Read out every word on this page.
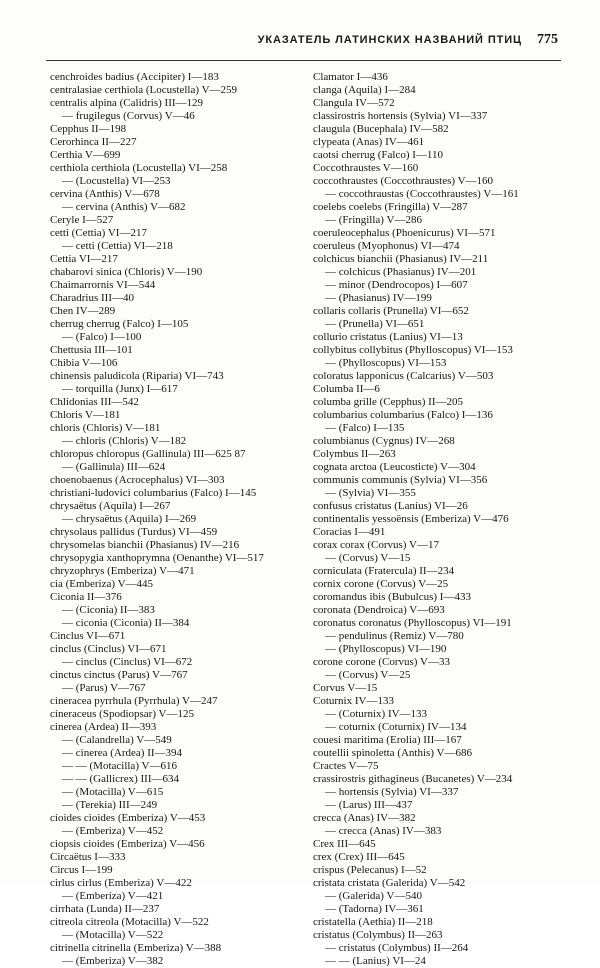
УКАЗАТЕЛЬ ЛАТИНСКИХ НАЗВАНИЙ ПТИЦ 775
cenchroides badius (Accipiter) I—183
centralasiae certhiola (Locustella) V—259
centralis alpina (Calidris) III—129
— frugilegus (Corvus) V—46
Cepphus II—198
Cerorhinca II—227
Certhia V—699
certhiola certhiola (Locustella) VI—258
— (Locustella) VI—253
cervina (Anthis) V—678
— cervina (Anthis) V—682
Ceryle I—527
cetti (Cettia) VI—217
— cetti (Cettia) VI—218
Cettia VI—217
chabarovi sinica (Chloris) V—190
Chaimarrornis VI—544
Charadrius III—40
Chen IV—289
cherrug cherrug (Falco) I—105
— (Falco) I—100
Chettusia III—101
Chibia V—106
chinensis paludicola (Riparia) VI—743
— torquilla (Junx) I—617
Chlidonias III—542
Chloris V—181
chloris (Chloris) V—181
— chloris (Chloris) V—182
chloropus chloropus (Gallinula) III—625 87
— (Gallinula) III—624
choenobaenus (Acrocephalus) VI—303
christiani-ludovici columbarius (Falco) I—145
chrysaëtus (Aquila) I—267
— chrysaëtus (Aquila) I—269
chrysolaus pallidus (Turdus) VI—459
chrysomelas bianchii (Phasianus) IV—216
chrysopygia xanthoprymna (Oenanthe) VI—517
chryzophrys (Emberiza) V—471
cia (Emberiza) V—445
Ciconia II—376
— (Ciconia) II—383
— ciconia (Ciconia) II—384
Cinclus VI—671
cinclus (Cinclus) VI—671
— cinclus (Cinclus) VI—672
cinctus cinctus (Parus) V—767
— (Parus) V—767
cineracea pyrrhula (Pyrrhula) V—247
cineraceus (Spodiopsar) V—125
cinerea (Ardea) II—393
— (Calandrella) V—549
— cinerea (Ardea) II—394
— — (Motacilla) V—616
— — (Gallicrex) III—634
— (Motacilla) V—615
— (Terekia) III—249
cioides cioides (Emberiza) V—453
— (Emberiza) V—452
ciopsis cioides (Emberiza) V—456
Circaëtus I—333
Circus I—199
cirlus cirlus (Emberiza) V—422
— (Emberiza) V—421
cirrhata (Lunda) II—237
citreola citreola (Motacilla) V—522
— (Motacilla) V—522
citrinella citrinella (Emberiza) V—388
— (Emberiza) V—382
Clamator I—436
clanga (Aquila) I—284
Clangula IV—572
classirostris hortensis (Sylvia) VI—337
claugula (Bucephala) IV—582
clypeata (Anas) IV—461
caotsi cherrug (Falco) I—110
Coccothraustes V—160
coccothraustes (Coccothraustes) V—160
— coccothraustas (Coccothraustes) V—161
coelebs coelebs (Fringilla) V—287
— (Fringilla) V—286
coeruleocephalus (Phoenicurus) VI—571
coeruleus (Myophonus) VI—474
colchicus bianchii (Phasianus) IV—211
— colchicus (Phasianus) IV—201
— minor (Dendrocopos) I—607
— (Phasianus) IV—199
collaris collaris (Prunella) VI—652
— (Prunella) VI—651
collurio cristatus (Lanius) VI—13
collybitus collybitus (Phylloscopus) VI—153
— (Phylloscopus) VI—153
coloratus lapponicus (Calcarius) V—503
Columba II—6
columba grille (Cepphus) II—205
columbarius columbarius (Falco) I—136
— (Falco) I—135
columbianus (Cygnus) IV—268
Colymbus II—263
cognata arctoa (Leucosticte) V—304
communis communis (Sylvia) VI—356
— (Sylvia) VI—355
confusus cristatus (Lanius) VI—26
continentalis yessoënsis (Emberiza) V—476
Coracias I—491
corax corax (Corvus) V—17
— (Corvus) V—15
corniculata (Fratercula) II—234
cornix corone (Corvus) V—25
coromandus ibis (Bubulcus) I—433
coronata (Dendroica) V—693
coronatus coronatus (Phylloscopus) VI—191
— pendulinus (Remiz) V—780
— (Phylloscopus) VI—190
corone corone (Corvus) V—33
— (Corvus) V—25
Corvus V—15
Coturnix IV—133
— (Coturnix) IV—133
— coturnix (Coturnix) IV—134
couesi maritima (Erolia) III—167
coutellii spinoletta (Anthis) V—686
Cractes V—75
crassirostris githagineus (Bucanetes) V—234
— hortensis (Sylvia) VI—337
— (Larus) III—437
crecca (Anas) IV—382
— crecca (Anas) IV—383
Crex III—645
crex (Crex) III—645
crispus (Pelecanus) I—52
cristata cristata (Galerida) V—542
— (Galerida) V—540
— (Tadorna) IV—361
cristatella (Aethia) II—218
cristatus (Colymbus) II—263
— cristatus (Colymbus) II—264
— — (Lanius) VI—24
